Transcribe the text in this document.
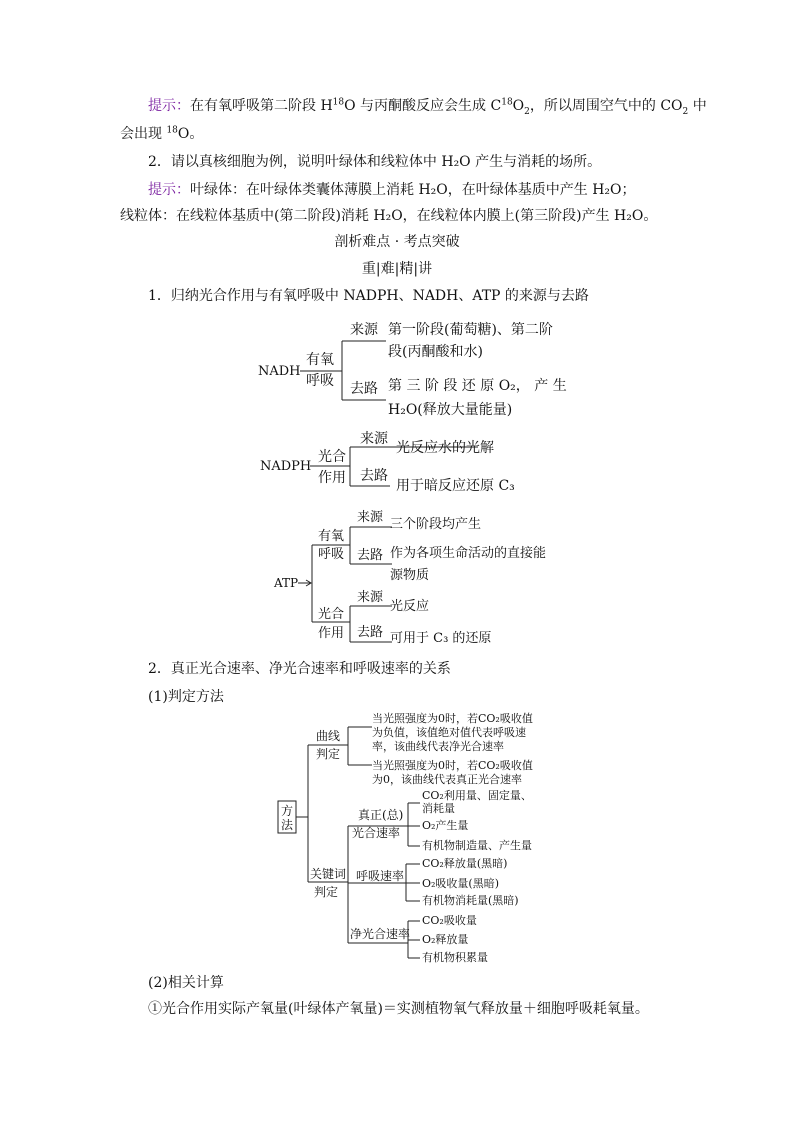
提示：在有氧呼吸第二阶段 $H^{18}O$ 与丙酮酸反应会生成 $C^{18}O_2$，所以周围空气中的 $CO_2$ 中
会出现 $^{18}$O。
2．请以真核细胞为例，说明叶绿体和线粒体中 H₂O 产生与消耗的场所。
提示：叶绿体：在叶绿体类囊体薄膜上消耗 H₂O，在叶绿体基质中产生 H₂O；
线粒体：在线粒体基质中(第二阶段)消耗 H₂O，在线粒体内膜上(第三阶段)产生 H₂O。
剖析难点 · 考点突破
重|难|精|讲
1．归纳光合作用与有氧呼吸中 NADPH、NADH、ATP 的来源与去路
NADH
有氧
呼吸
来源 第一阶段(葡萄糖)、第二阶
段(丙酮酸和水)
去路 第 三 阶 段 还 原 O₂， 产 生
H₂O(释放大量能量)
NADPH
光合
作用
来源
光反应水的光解
去路
用于暗反应还原 C₃
ATP
有氧
呼吸
来源 三个阶段均产生
去路 作为各项生命活动的直接能
源物质
光合
作用
来源
光反应
去路 可用于 C₃ 的还原
方
法
曲线
判定
当光照强度为0时，若CO₂吸收值
为负值，该值绝对值代表呼吸速
率，该曲线代表净光合速率
当光照强度为0时，若CO₂吸收值
为0，该曲线代表真正光合速率
关键词
判定
真正(总)
光合速率
CO₂利用量、固定量、
消耗量
O₂产生量
有机物制造量、产生量
呼吸速率
CO₂释放量(黑暗)
O₂吸收量(黑暗)
有机物消耗量(黑暗)
净光合速率
CO₂吸收量
O₂释放量
有机物积累量
2．真正光合速率、净光合速率和呼吸速率的关系
(1)判定方法
(2)相关计算
①光合作用实际产氧量(叶绿体产氧量)＝实测植物氧气释放量＋细胞呼吸耗氧量。
